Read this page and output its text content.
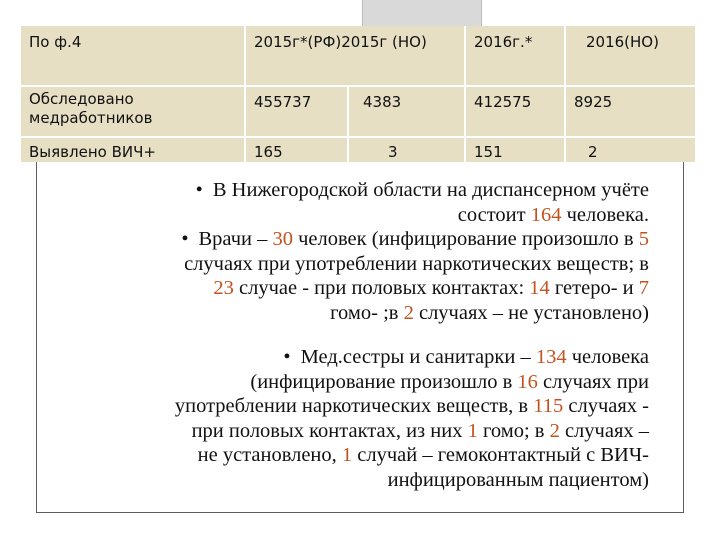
По ф.4	2015г*(РФ)2015г (НО)		2016г.*	2016(НО)

Обследовано медработников	455737	4383	412575	8925

Выявлено ВИЧ+	165	3	151	2
• В Нижегородской области на диспансерном учёте
состоит 164 человека.
• Врачи – 30 человек (инфицирование произошло в 5
случаях при употреблении наркотических веществ; в
23 случае - при половых контактах: 14 гетеро- и 7
гомо- ;в 2 случаях – не установлено)
• Мед.сестры и санитарки – 134 человека
(инфицирование произошло в 16 случаях при
употреблении наркотических веществ, в 115 случаях -
при половых контактах, из них 1 гомо; в 2 случаях –
не установлено, 1 случай – гемоконтактный с ВИЧ-
инфицированным пациентом)
